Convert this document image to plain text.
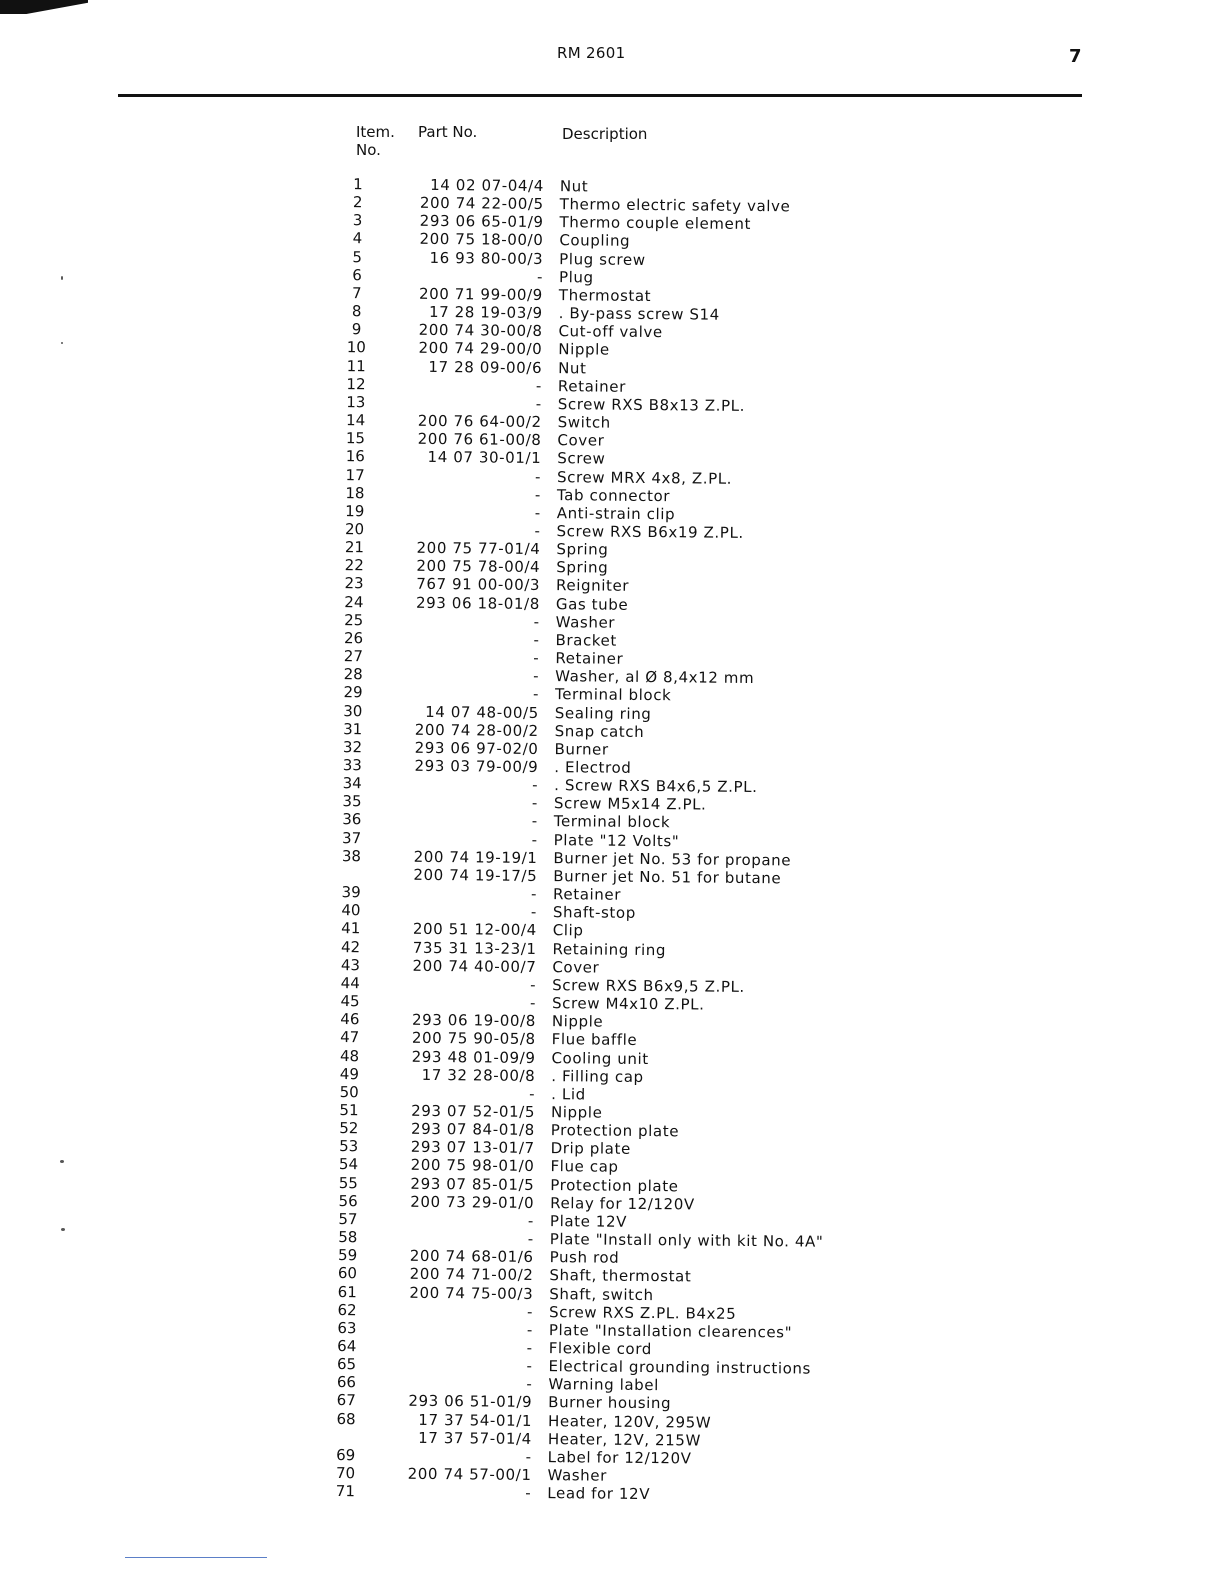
RM 2601	7
Item.
No.
Part No.	Description
1	14 02 07-04/4 Nut
2	200 74 22-00/5 Thermo electric safety valve
3	293 06 65-01/9 Thermo couple element
4	200 75 18-00/0 Coupling
5	16 93 80-00/3 Plug screw
6	- Plug
7	200 71 99-00/9 Thermostat
8	17 28 19-03/9 . By-pass screw S14
9	200 74 30-00/8 Cut-off valve
10	200 74 29-00/0 Nipple
11	17 28 09-00/6 Nut
12	- Retainer
13	- Screw RXS B8x13 Z.PL.
14	200 76 64-00/2 Switch
15	200 76 61-00/8 Cover
16	14 07 30-01/1 Screw
17	- Screw MRX 4x8, Z.PL.
18	- Tab connector
19	- Anti-strain clip
20	- Screw RXS B6x19 Z.PL.
21	200 75 77-01/4 Spring
22	200 75 78-00/4 Spring
23	767 91 00-00/3 Reigniter
24	293 06 18-01/8 Gas tube
25	- Washer
26	- Bracket
27	- Retainer
28	- Washer, al Ø 8,4x12 mm
29	- Terminal block
30	14 07 48-00/5 Sealing ring
31	200 74 28-00/2 Snap catch
32	293 06 97-02/0 Burner
33	293 03 79-00/9 . Electrod
34	- . Screw RXS B4x6,5 Z.PL.
35	- Screw M5x14 Z.PL.
36	- Terminal block
37	- Plate "12 Volts"
38	200 74 19-19/1 Burner jet No. 53 for propane
200 74 19-17/5 Burner jet No. 51 for butane
39	- Retainer
40	- Shaft-stop
41	200 51 12-00/4 Clip
42	735 31 13-23/1 Retaining ring
43	200 74 40-00/7 Cover
44	- Screw RXS B6x9,5 Z.PL.
45	- Screw M4x10 Z.PL.
46	293 06 19-00/8 Nipple
47	200 75 90-05/8 Flue baffle
48	293 48 01-09/9 Cooling unit
49	17 32 28-00/8 . Filling cap
50	- . Lid
51	293 07 52-01/5 Nipple
52	293 07 84-01/8 Protection plate
53	293 07 13-01/7 Drip plate
54	200 75 98-01/0 Flue cap
55	293 07 85-01/5 Protection plate
56	200 73 29-01/0 Relay for 12/120V
57	- Plate 12V
58	- Plate "Install only with kit No. 4A"
59	200 74 68-01/6 Push rod
60	200 74 71-00/2 Shaft, thermostat
61	200 74 75-00/3 Shaft, switch
62	- Screw RXS Z.PL. B4x25
63	- Plate "Installation clearences"
64	- Flexible cord
65	- Electrical grounding instructions
66	- Warning label
67	293 06 51-01/9 Burner housing
68	17 37 54-01/1 Heater, 120V, 295W
17 37 57-01/4 Heater, 12V, 215W
69	- Label for 12/120V
70	200 74 57-00/1 Washer
71	- Lead for 12V
